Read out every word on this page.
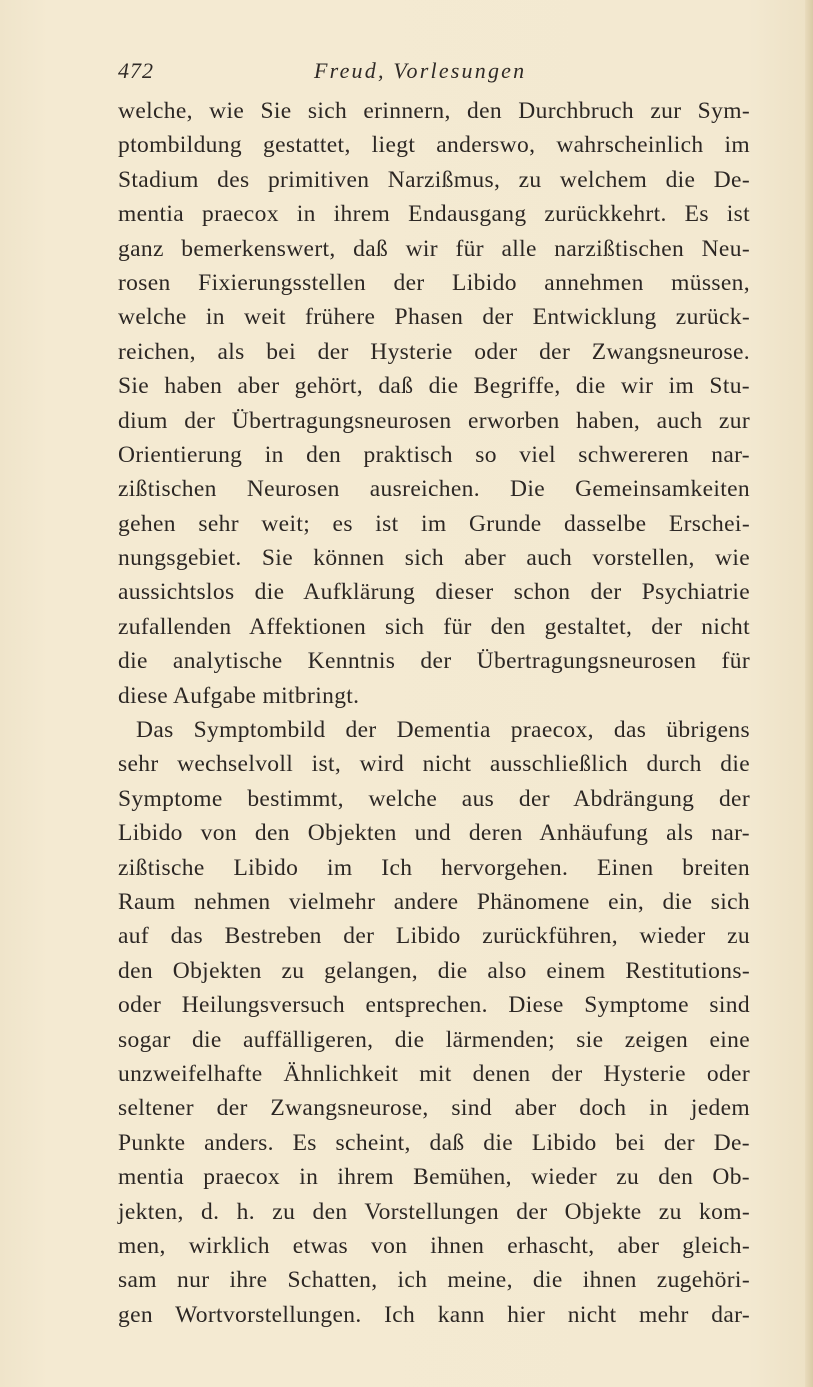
472	Freud, Vorlesungen
welche, wie Sie sich erinnern, den Durchbruch zur Sym-
ptombildung gestattet, liegt anderswo, wahrscheinlich im
Stadium des primitiven Narzißmus, zu welchem die De-
mentia praecox in ihrem Endausgang zurückkehrt. Es ist
ganz bemerkenswert, daß wir für alle narzißtischen Neu-
rosen Fixierungsstellen der Libido annehmen müssen,
welche in weit frühere Phasen der Entwicklung zurück-
reichen, als bei der Hysterie oder der Zwangsneurose.
Sie haben aber gehört, daß die Begriffe, die wir im Stu-
dium der Übertragungsneurosen erworben haben, auch zur
Orientierung in den praktisch so viel schwereren nar-
zißtischen Neurosen ausreichen. Die Gemeinsamkeiten
gehen sehr weit; es ist im Grunde dasselbe Erschei-
nungsgebiet. Sie können sich aber auch vorstellen, wie
aussichtslos die Aufklärung dieser schon der Psychiatrie
zufallenden Affektionen sich für den gestaltet, der nicht
die analytische Kenntnis der Übertragungsneurosen für
diese Aufgabe mitbringt.
Das Symptombild der Dementia praecox, das übrigens
sehr wechselvoll ist, wird nicht ausschließlich durch die
Symptome bestimmt, welche aus der Abdrängung der
Libido von den Objekten und deren Anhäufung als nar-
zißtische Libido im Ich hervorgehen. Einen breiten
Raum nehmen vielmehr andere Phänomene ein, die sich
auf das Bestreben der Libido zurückführen, wieder zu
den Objekten zu gelangen, die also einem Restitutions-
oder Heilungsversuch entsprechen. Diese Symptome sind
sogar die auffälligeren, die lärmenden; sie zeigen eine
unzweifelhafte Ähnlichkeit mit denen der Hysterie oder
seltener der Zwangsneurose, sind aber doch in jedem
Punkte anders. Es scheint, daß die Libido bei der De-
mentia praecox in ihrem Bemühen, wieder zu den Ob-
jekten, d. h. zu den Vorstellungen der Objekte zu kom-
men, wirklich etwas von ihnen erhascht, aber gleich-
sam nur ihre Schatten, ich meine, die ihnen zugehöri-
gen Wortvorstellungen. Ich kann hier nicht mehr dar-
